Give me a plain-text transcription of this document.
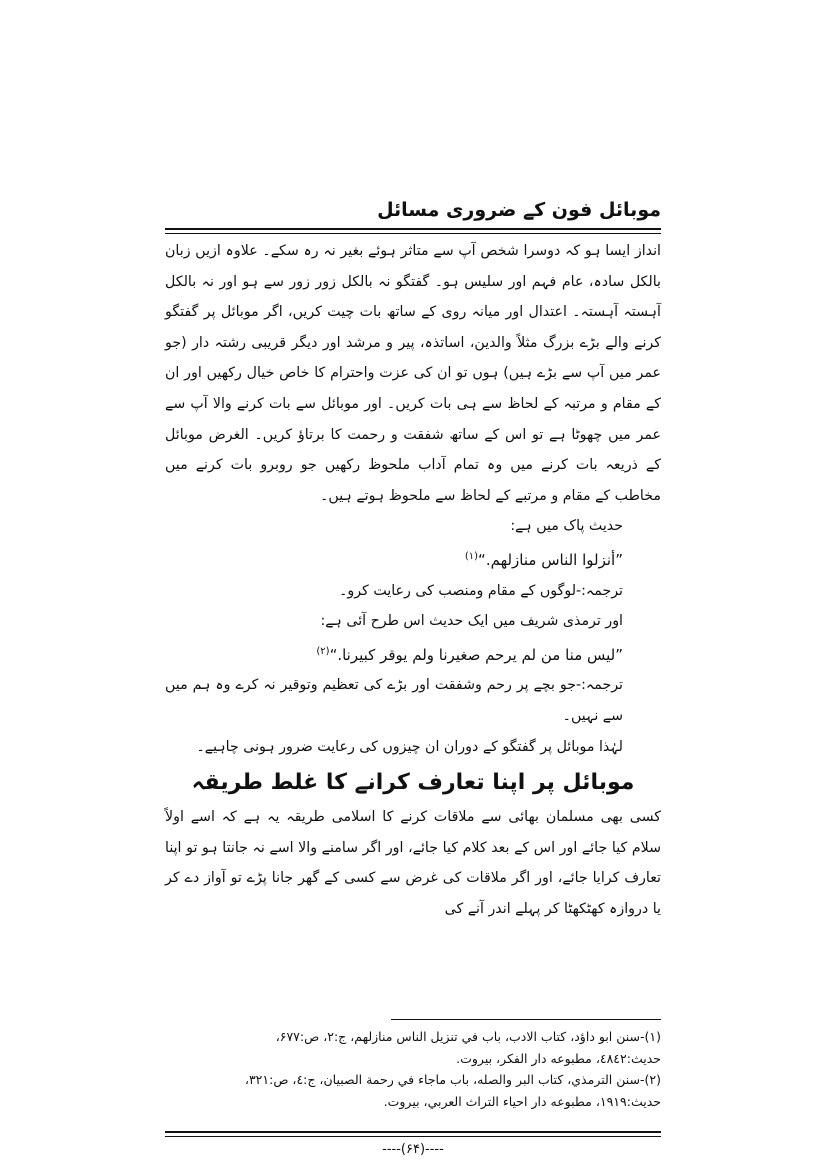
موبائل فون کے ضروری مسائل

انداز ایسا ہو کہ دوسرا شخص آپ سے متاثر ہوئے بغیر نہ رہ سکے۔ علاوہ ازیں زبان بالکل سادہ، عام فہم اور سلیس ہو۔ گفتگو نہ بالکل زور زور سے ہو اور نہ بالکل آہستہ آہستہ۔ اعتدال اور میانہ روی کے ساتھ بات چیت کریں، اگر موبائل پر گفتگو کرنے والے بڑے بزرگ مثلاً والدین، اساتذہ، پیر و مرشد اور دیگر قریبی رشتہ دار (جو عمر میں آپ سے بڑے ہیں) ہوں تو ان کی عزت واحترام کا خاص خیال رکھیں اور ان کے مقام و مرتبہ کے لحاظ سے ہی بات کریں۔ اور موبائل سے بات کرنے والا آپ سے عمر میں چھوٹا ہے تو اس کے ساتھ شفقت و رحمت کا برتاؤ کریں۔ الغرض موبائل کے ذریعہ بات کرنے میں وہ تمام آداب ملحوظ رکھیں جو روبرو بات کرنے میں مخاطب کے مقام و مرتبے کے لحاظ سے ملحوظ ہوتے ہیں۔

حدیث پاک میں ہے:

”أنزلوا الناس منازلهم.“$^{(۱)}$

ترجمہ:-لوگوں کے مقام ومنصب کی رعایت کرو۔

اور ترمذی شریف میں ایک حدیث اس طرح آئی ہے:

”ليس منا من لم يرحم صغيرنا ولم يوقر كبيرنا.“$^{(۲)}$

ترجمہ:-جو بچے پر رحم وشفقت اور بڑے کی تعظیم وتوقیر نہ کرے وہ ہم میں سے نہیں۔

لہٰذا موبائل پر گفتگو کے دوران ان چیزوں کی رعایت ضرور ہونی چاہیے۔

موبائل پر اپنا تعارف کرانے کا غلط طریقہ

کسی بھی مسلمان بھائی سے ملاقات کرنے کا اسلامی طریقہ یہ ہے کہ اسے اولاً سلام کیا جائے اور اس کے بعد کلام کیا جائے، اور اگر سامنے والا اسے نہ جانتا ہو تو اپنا تعارف کرایا جائے، اور اگر ملاقات کی غرض سے کسی کے گھر جانا پڑے تو آواز دے کر یا دروازہ کھٹکھٹا کر پہلے اندر آنے کی

(۱)-سنن ابو داؤد، كتاب الادب، باب في تنزيل الناس منازلهم، ج:۲، ص:۶۷۷،

حديث:٤٨٤٢، مطبوعه دار الفكر، بيروت.

(۲)-سنن الترمذي، كتاب البر والصله، باب ماجاء في رحمة الصبيان، ج:٤، ص:۳۲۱،

حديث:۱۹۱۹، مطبوعه دار احياء التراث العربي، بيروت.

----(۶۴)----
